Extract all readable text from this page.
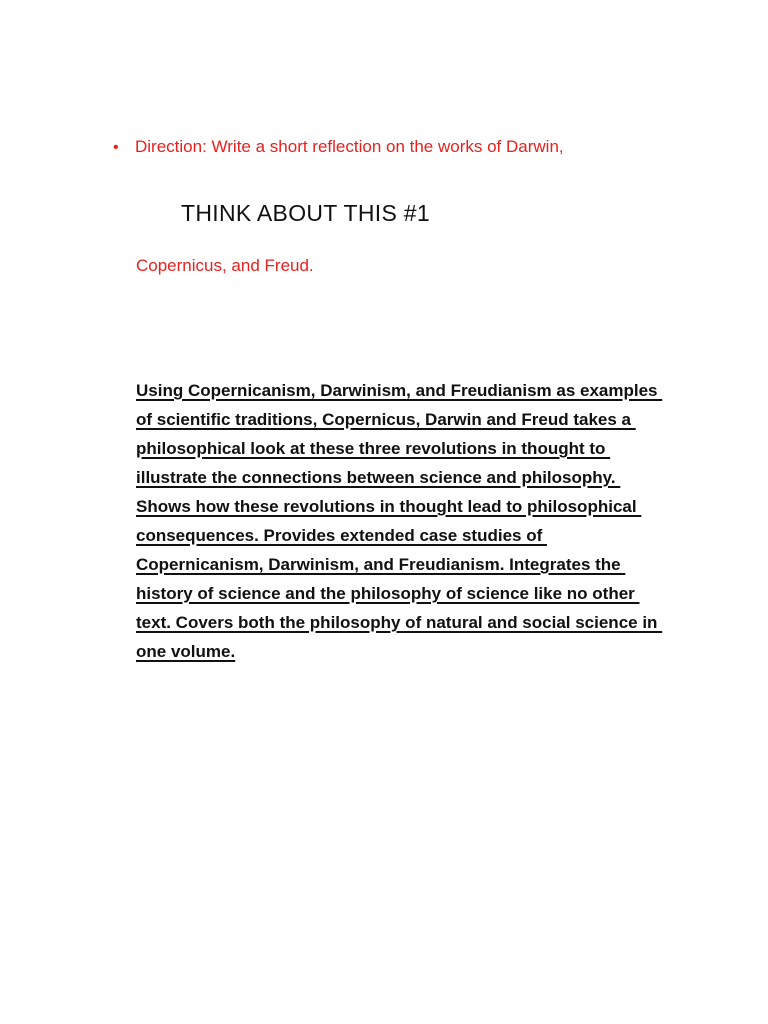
• Direction: Write a short reflection on the works of Darwin,
THINK ABOUT THIS #1
Copernicus, and Freud.
Using Copernicanism, Darwinism, and Freudianism as examples
of scientific traditions, Copernicus, Darwin and Freud takes a
philosophical look at these three revolutions in thought to
illustrate the connections between science and philosophy.
Shows how these revolutions in thought lead to philosophical
consequences. Provides extended case studies of
Copernicanism, Darwinism, and Freudianism. Integrates the
history of science and the philosophy of science like no other
text. Covers both the philosophy of natural and social science in
one volume.
